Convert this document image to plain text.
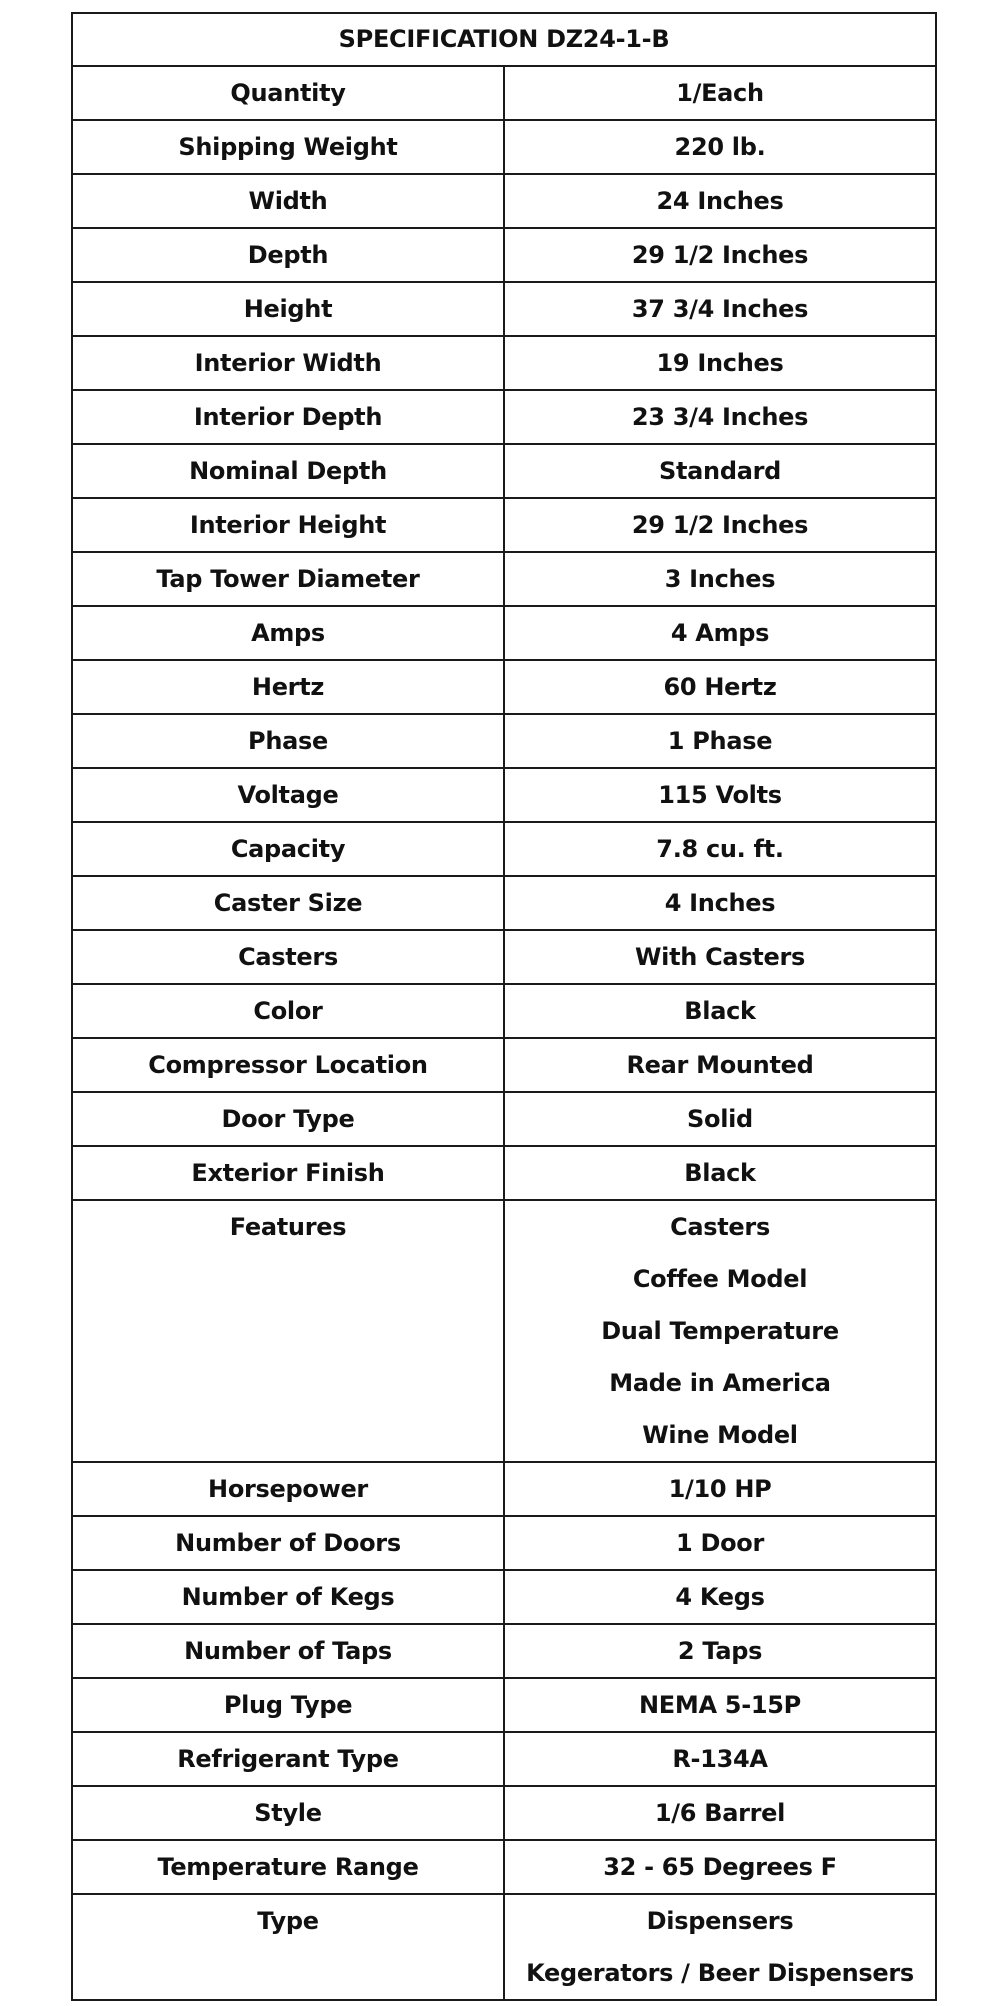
SPECIFICATION DZ24-1-B	

Quantity	1/Each

Shipping Weight	220 lb.

Width	24 Inches

Depth	29 1/2 Inches

Height	37 3/4 Inches

Interior Width	19 Inches

Interior Depth	23 3/4 Inches

Nominal Depth	Standard

Interior Height	29 1/2 Inches

Tap Tower Diameter	3 Inches

Amps	4 Amps

Hertz	60 Hertz

Phase	1 Phase

Voltage	115 Volts

Capacity	7.8 cu. ft.

Caster Size	4 Inches

Casters	With Casters

Color	Black

Compressor Location	Rear Mounted

Door Type	Solid

Exterior Finish	Black

Features	Casters
Coffee Model
Dual Temperature
Made in America
Wine Model

Horsepower	1/10 HP

Number of Doors	1 Door

Number of Kegs	4 Kegs

Number of Taps	2 Taps

Plug Type	NEMA 5-15P

Refrigerant Type	R-134A

Style	1/6 Barrel

Temperature Range	32 - 65 Degrees F

Type	Dispensers
Kegerators / Beer Dispensers
